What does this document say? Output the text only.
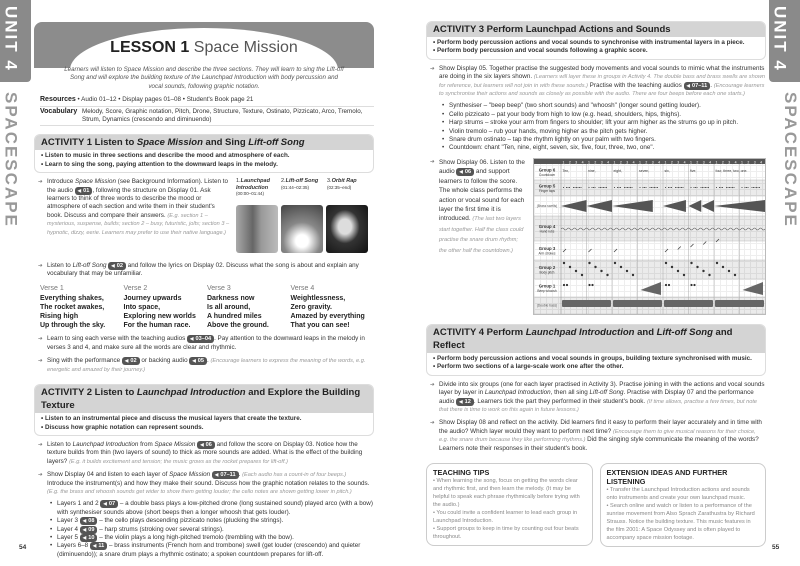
UNIT 4
SPACESCAPE
LESSON 1 Space Mission
Learners will listen to Space Mission and describe the three sections. They will learn to sing the Lift-off Song and will explore the building texture of the Launchpad Introduction with body percussion and vocal sounds, following graphic notation.
Resources • Audio 01–12 • Display pages 01–08 • Student's Book page 21
Vocabulary Melody, Score, Graphic notation, Pitch, Drone, Structure, Texture, Ostinato, Pizzicato, Arco, Tremolo, Strum, Dynamics (crescendo and diminuendo)
ACTIVITY 1 Listen to Space Mission and Sing Lift-off Song
• Listen to music in three sections and describe the mood and atmosphere of each.
• Learn to sing the song, paying attention to the downward leaps in the melody.

➔ Introduce Space Mission (see Background Information). Listen to the audio ◀ 01 , following the structure on Display 01. Ask learners to think of three words to describe the mood or atmosphere of each section and write them in their student's book. Discuss and compare their answers. (E.g. section 1 – mysterious, suspense, builds; section 2 – busy, futuristic, jolts; section 3 – hypnotic, dizzy, eerie. Learners may prefer to use their native language.)

1.Launchpad Introduction
(00:00–01:44)
2.Lift-off Song
(01:44–02:35)
3.Orbit Rap
(02:35–end)

➔ Listen to Lift-off Song ◀ 02 and follow the lyrics on Display 02. Discuss what the song is about and explain any vocabulary that may be unfamiliar.

Verse 1
Everything shakes,
The rocket awakes,
Rising high
Up through the sky.
Verse 2
Journey upwards
Into space,
Exploring new worlds
For the human race.
Verse 3
Darkness now
Is all around,
A hundred miles
Above the ground.
Verse 4
Weightlessness,
Zero gravity.
Amazed by everything
That you can see!

➔ Learn to sing each verse with the teaching audios ◀ 03–04 . Pay attention to the downward leaps in the melody in verses 3 and 4, and make sure all the words are clear and rhythmic.

➔ Sing with the performance ◀ 02 or backing audio ◀ 05 . (Encourage learners to express the meaning of the words, e.g. energetic and amazed by their journey.)

ACTIVITY 2 Listen to Launchpad Introduction and Explore the Building Texture
• Listen to an instrumental piece and discuss the musical layers that create the texture.
• Discuss how graphic notation can represent sounds.

➔ Listen to Launchpad Introduction from Space Mission ◀ 06 and follow the score on Display 03. Notice how the texture builds from thin (two layers of sound) to thick as more sounds are added. What is the effect of the building layers? (E.g. it builds excitement and tension; the music grows as the rocket prepares for lift-off.)

➔ Show Display 04 and listen to each layer of Space Mission ◀ 07–11 . (Each audio has a count-in of four beeps.) Introduce the instrument(s) and how they make their sound. Discuss how the graphic notation relates to the sounds. (E.g. the brass and whoosh sounds get wider to show them getting louder; the cello notes are shown getting lower in pitch.)

• Layers 1 and 2 ◀ 07 – a double bass plays a low-pitched drone (long sustained sound) played arco (with a bow) with synthesiser sounds above (short beeps then a longer whoosh that gets louder).
• Layer 3 ◀ 08 – the cello plays descending pizzicato notes (plucking the strings).
• Layer 4 ◀ 09 – harp strums (stroking over several strings).
• Layer 5 ◀ 10 – the violin plays a long high-pitched tremolo (trembling with the bow).
• Layers 6–8 ◀ 11 – brass instruments (French horn and trombone) swell (get louder (crescendo) and quieter (diminuendo)); a snare drum plays a rhythmic ostinato; a spoken countdown prepares for lift-off.
54
UNIT 4
SPACESCAPE
ACTIVITY 3 Perform Launchpad Actions and Sounds
• Perform body percussion actions and vocal sounds to synchronise with instrumental layers in a piece.
• Perform body percussion and vocal sounds following a graphic score.

➔ Show Display 05. Together practise the suggested body movements and vocal sounds to mimic what the instruments are doing in the six layers shown. (Learners will layer these in groups in Activity 4. The double bass and brass swells are shown for reference, but learners will not join in with these sounds.) Practise with the teaching audios ◀ 07–11 . (Encourage learners to synchronise their actions and sounds as closely as possible with the audio. There are four beeps before each one starts.)

• Synthesiser – "beep beep" (two short sounds) and "whoosh" (longer sound getting louder).
• Cello pizzicato – pat your body from high to low (e.g. head, shoulders, hips, thighs).
• Harp strums – stroke your arm from fingers to shoulder; lift your arm higher as the strums go up in pitch.
• Violin tremolo – rub your hands, moving higher as the pitch gets higher.
• Snare drum ostinato – tap the rhythm lightly on your palm with two fingers.
• Countdown: chant "Ten, nine, eight, seven, six, five, four, three, two, one".

➔ Show Display 06. Listen to the audio ◀ 06 and support learners to follow the score. The whole class performs the action or vocal sound for each layer the first time it is introduced. (The last two layers start together. Half the class could practise the snare drum rhythm; the other half the countdown.)

1 2 3 4 1 2 3 4 1 2 3 4 1 2 3 4 1 2 3 4 1 2 3 4 1 2 3 4 1 2 3 4
Group 6
Countdown
Group 5
Finger taps
(Brass swells)
Group 4
Hand rubs
Group 3
Arm strokes
Group 2
Body pitch
Group 1
Beep whoosh
(Double bass)
Ten,	nine,	eight,	seven,	six,	five,	four, three, two, one.
ACTIVITY 4 Perform Launchpad Introduction and Lift-off Song and Reflect
• Perform body percussion actions and vocal sounds in groups, building texture synchronised with music.
• Perform two sections of a large-scale work one after the other.

➔ Divide into six groups (one for each layer practised in Activity 3). Practise joining in with the actions and vocal sounds layer by layer in Launchpad Introduction, then all sing Lift-off Song. Practise with Display 07 and the performance audio ◀ 12 . Learners tick the part they performed in their student's book. (If time allows, practise a few times, but note that there is time to work on this again in future lessons.)

➔ Show Display 08 and reflect on the activity. Did learners find it easy to perform their layer accurately and in time with the audio? Which layer would they want to perform next time? (Encourage them to give musical reasons for their choice, e.g. the snare drum because they like performing rhythms.) Did the singing style communicate the meaning of the words? Learners note their responses in their student's book.

TEACHING TIPS
• When learning the song, focus on getting the words clear and rhythmic first, and then learn the melody. (It may be helpful to speak each phrase rhythmically before trying with the audio.)
• You could invite a confident learner to lead each group in Launchpad Introduction.
• Support groups to keep in time by counting out four beats throughout.
EXTENSION IDEAS AND FURTHER LISTENING
• Transfer the Launchpad Introduction actions and sounds onto instruments and create your own launchpad music.
• Search online and watch or listen to a performance of the sunrise movement from Also Sprach Zarathustra by Richard Strauss. Notice the building texture. This music features in the film 2001: A Space Odyssey and is often played to accompany space mission footage.
55
